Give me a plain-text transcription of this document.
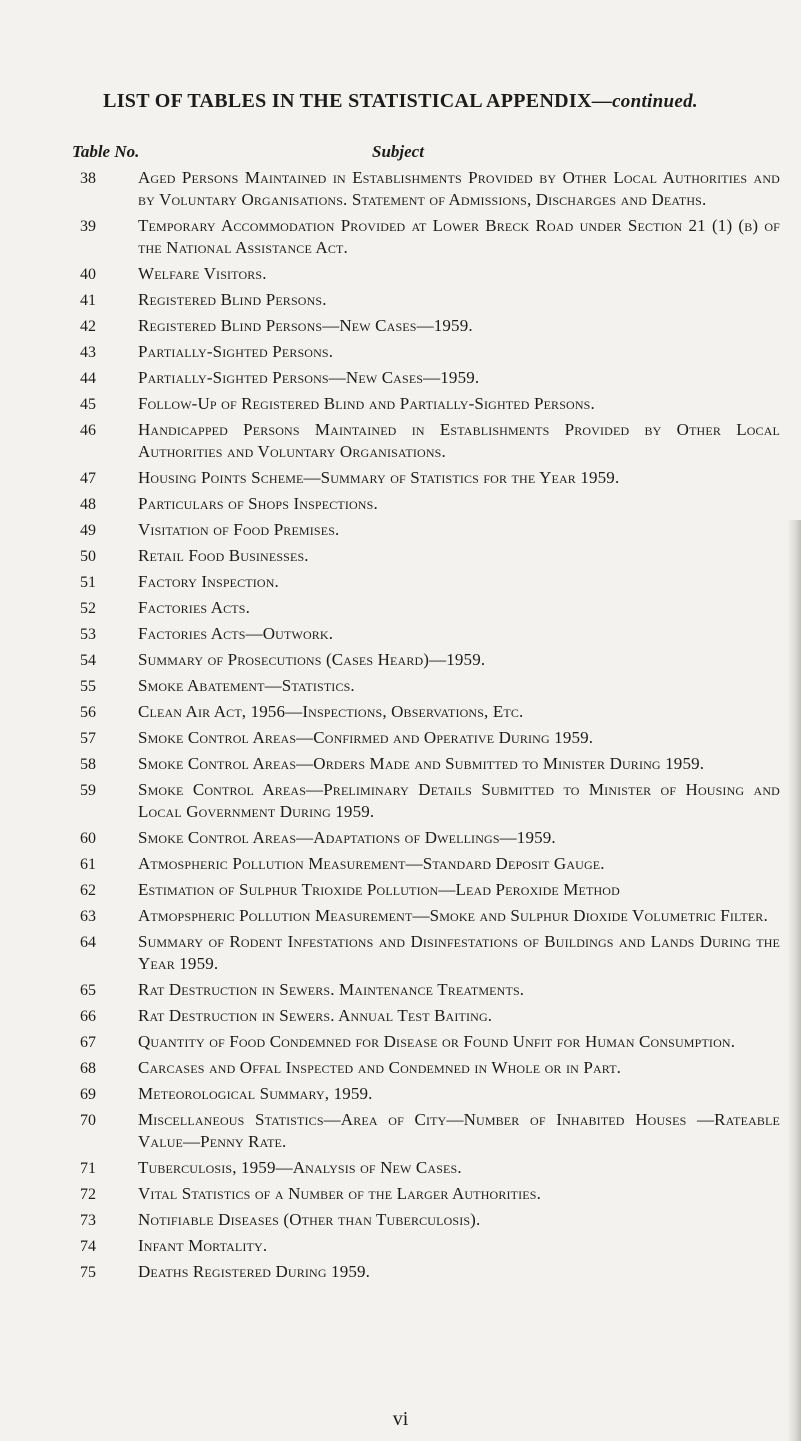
LIST OF TABLES IN THE STATISTICAL APPENDIX—continued.
Table No.	Subject
38	Aged Persons Maintained in Establishments Provided by Other Local Authorities and by Voluntary Organisations. Statement of Admissions, Discharges and Deaths.
39	Temporary Accommodation Provided at Lower Breck Road under Section 21 (1) (b) of the National Assistance Act.
40	Welfare Visitors.
41	Registered Blind Persons.
42	Registered Blind Persons—New Cases—1959.
43	Partially-Sighted Persons.
44	Partially-Sighted Persons—New Cases—1959.
45	Follow-Up of Registered Blind and Partially-Sighted Persons.
46	Handicapped Persons Maintained in Establishments Provided by Other Local Authorities and Voluntary Organisations.
47	Housing Points Scheme—Summary of Statistics for the Year 1959.
48	Particulars of Shops Inspections.
49	Visitation of Food Premises.
50	Retail Food Businesses.
51	Factory Inspection.
52	Factories Acts.
53	Factories Acts—Outwork.
54	Summary of Prosecutions (Cases Heard)—1959.
55	Smoke Abatement—Statistics.
56	Clean Air Act, 1956—Inspections, Observations, Etc.
57	Smoke Control Areas—Confirmed and Operative During 1959.
58	Smoke Control Areas—Orders Made and Submitted to Minister During 1959.
59	Smoke Control Areas—Preliminary Details Submitted to Minister of Housing and Local Government During 1959.
60	Smoke Control Areas—Adaptations of Dwellings—1959.
61	Atmospheric Pollution Measurement—Standard Deposit Gauge.
62	Estimation of Sulphur Trioxide Pollution—Lead Peroxide Method
63	Atmopspheric Pollution Measurement—Smoke and Sulphur Dioxide Volumetric Filter.
64	Summary of Rodent Infestations and Disinfestations of Buildings and Lands During the Year 1959.
65	Rat Destruction in Sewers. Maintenance Treatments.
66	Rat Destruction in Sewers. Annual Test Baiting.
67	Quantity of Food Condemned for Disease or Found Unfit for Human Consumption.
68	Carcases and Offal Inspected and Condemned in Whole or in Part.
69	Meteorological Summary, 1959.
70	Miscellaneous Statistics—Area of City—Number of Inhabited Houses —Rateable Value—Penny Rate.
71	Tuberculosis, 1959—Analysis of New Cases.
72	Vital Statistics of a Number of the Larger Authorities.
73	Notifiable Diseases (Other than Tuberculosis).
74	Infant Mortality.
75	Deaths Registered During 1959.
vi
